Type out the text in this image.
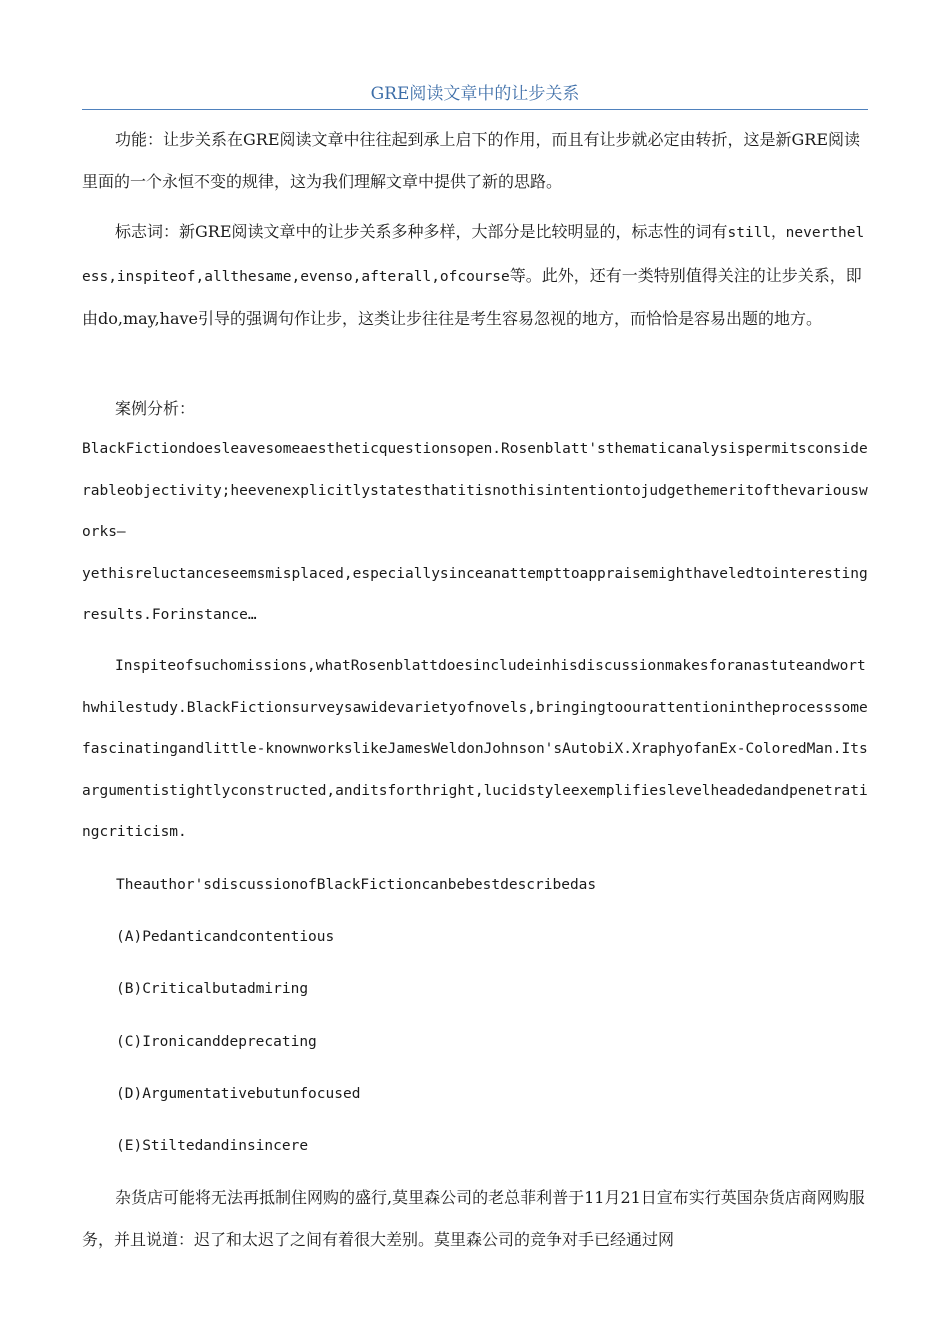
GRE阅读文章中的让步关系

功能：让步关系在GRE阅读文章中往往起到承上启下的作用，而且有让步就必定由转折，这是新GRE阅读里面的一个永恒不变的规律，这为我们理解文章中提供了新的思路。

标志词：新GRE阅读文章中的让步关系多种多样，大部分是比较明显的，标志性的词有still，nevertheless,inspiteof,allthesame,evenso,afterall,ofcourse等。此外，还有一类特别值得关注的让步关系，即由do,may,have引导的强调句作让步，这类让步往往是考生容易忽视的地方，而恰恰是容易出题的地方。

案例分析：

BlackFictiondoesleavesomeaestheticquestionsopen.Rosenblatt'sthematicanalysispermitsconsiderableobjectivity;heevenexplicitlystatesthatitisnothisintentiontojudgethemeritofthevariousworks—
yethisreluctanceseemsmisplaced,especiallysinceanattempttoappraisemighthaveledtointerestingresults.Forinstance…

Inspiteofsuchomissions,whatRosenblattdoesincludeinhisdiscussionmakesforanastuteandworthwhilestudy.BlackFictionsurveysawidevarietyofnovels,bringingtoourattentionintheprocesssomefascinatingandlittle-knownworkslikeJamesWeldonJohnson'sAutobiX.XraphyofanEx-ColoredMan.Itsargumentistightlyconstructed,anditsforthright,lucidstyleexemplifieslevelheadedandpenetratingcriticism.

Theauthor'sdiscussionofBlackFictioncanbebestdescribedas

(A)Pedanticandcontentious

(B)Criticalbutadmiring

(C)Ironicanddeprecating

(D)Argumentativebutunfocused

(E)Stiltedandinsincere

杂货店可能将无法再抵制住网购的盛行,莫里森公司的老总菲利普于11月21日宣布实行英国杂货店商网购服务，并且说道：迟了和太迟了之间有着很大差别。莫里森公司的竞争对手已经通过网
